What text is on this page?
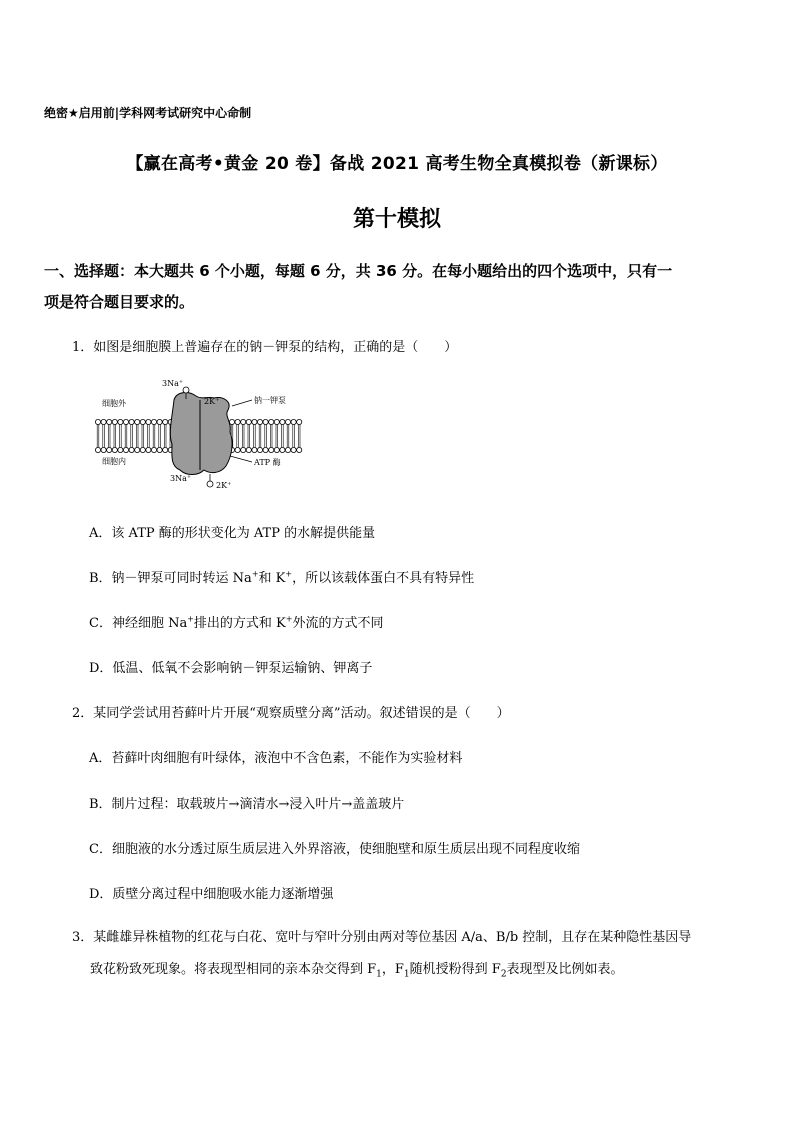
绝密★启用前|学科网考试研究中心命制
【赢在高考•黄金 20 卷】备战 2021 高考生物全真模拟卷（新课标）
第十模拟
一、选择题：本大题共 6 个小题，每题 6 分，共 36 分。在每小题给出的四个选项中，只有一
项是符合题目要求的。
1．如图是细胞膜上普遍存在的钠－钾泵的结构，正确的是（　　）
细胞外
细胞内
3Na+
2K+	钠一钾泵
ATP 酶
3Na+
2K+
A．该 ATP 酶的形状变化为 ATP 的水解提供能量
B．钠－钾泵可同时转运 Na+和 K+，所以该载体蛋白不具有特异性
C．神经细胞 Na+排出的方式和 K+外流的方式不同
D．低温、低氧不会影响钠－钾泵运输钠、钾离子
2．某同学尝试用苔藓叶片开展“观察质壁分离”活动。叙述错误的是（　　）
A．苔藓叶肉细胞有叶绿体，液泡中不含色素，不能作为实验材料
B．制片过程：取载玻片→滴清水→浸入叶片→盖盖玻片
C．细胞液的水分透过原生质层进入外界溶液，使细胞壁和原生质层出现不同程度收缩
D．质壁分离过程中细胞吸水能力逐渐增强
3．某雌雄异株植物的红花与白花、宽叶与窄叶分别由两对等位基因 A/a、B/b 控制，且存在某种隐性基因导
致花粉致死现象。将表现型相同的亲本杂交得到 $F_1$，$F_1$随机授粉得到 $F_2$表现型及比例如表。
